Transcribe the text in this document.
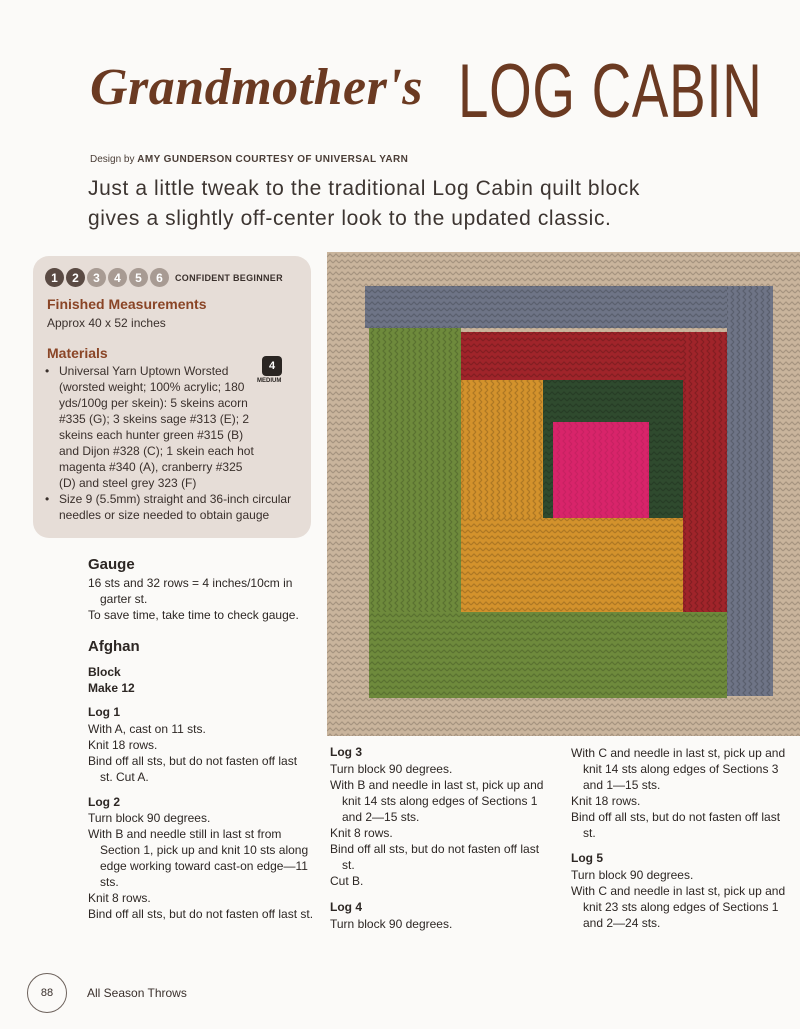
Grandmother's LOG CABIN
Design by AMY GUNDERSON COURTESY OF UNIVERSAL YARN
Just a little tweak to the traditional Log Cabin quilt block
gives a slightly off-center look to the updated classic.
1	2	3	4	5	6	CONFIDENT BEGINNER
Finished Measurements
Approx 40 x 52 inches
Materials
4
MEDIUM
• Universal Yarn Uptown Worsted (worsted weight; 100% acrylic; 180 yds/100g per skein): 5 skeins acorn #335 (G); 3 skeins sage #313 (E); 2 skeins each hunter green #315 (B) and Dijon #328 (C); 1 skein each hot magenta #340 (A), cranberry #325 (D) and steel grey 323 (F)
• Size 9 (5.5mm) straight and 36-inch circular needles or size needed to obtain gauge
Gauge

16 sts and 32 rows = 4 inches/10cm in garter st.

To save time, take time to check gauge.

Afghan
Block
Make 12
Log 1

With A, cast on 11 sts.

Knit 18 rows.

Bind off all sts, but do not fasten off last st. Cut A.

Log 2

Turn block 90 degrees.

With B and needle still in last st from Section 1, pick up and knit 10 sts along edge working toward cast-on edge—11 sts.

Knit 8 rows.

Bind off all sts, but do not fasten off last st.

Log 3

Turn block 90 degrees.

With B and needle in last st, pick up and knit 14 sts along edges of Sections 1 and 2—15 sts.

Knit 8 rows.

Bind off all sts, but do not fasten off last st.

Cut B.

Log 4

Turn block 90 degrees.

With C and needle in last st, pick up and knit 14 sts along edges of Sections 3 and 1—15 sts.

Knit 18 rows.

Bind off all sts, but do not fasten off last st.

Log 5

Turn block 90 degrees.

With C and needle in last st, pick up and knit 23 sts along edges of Sections 1 and 2—24 sts.

88	All Season Throws
